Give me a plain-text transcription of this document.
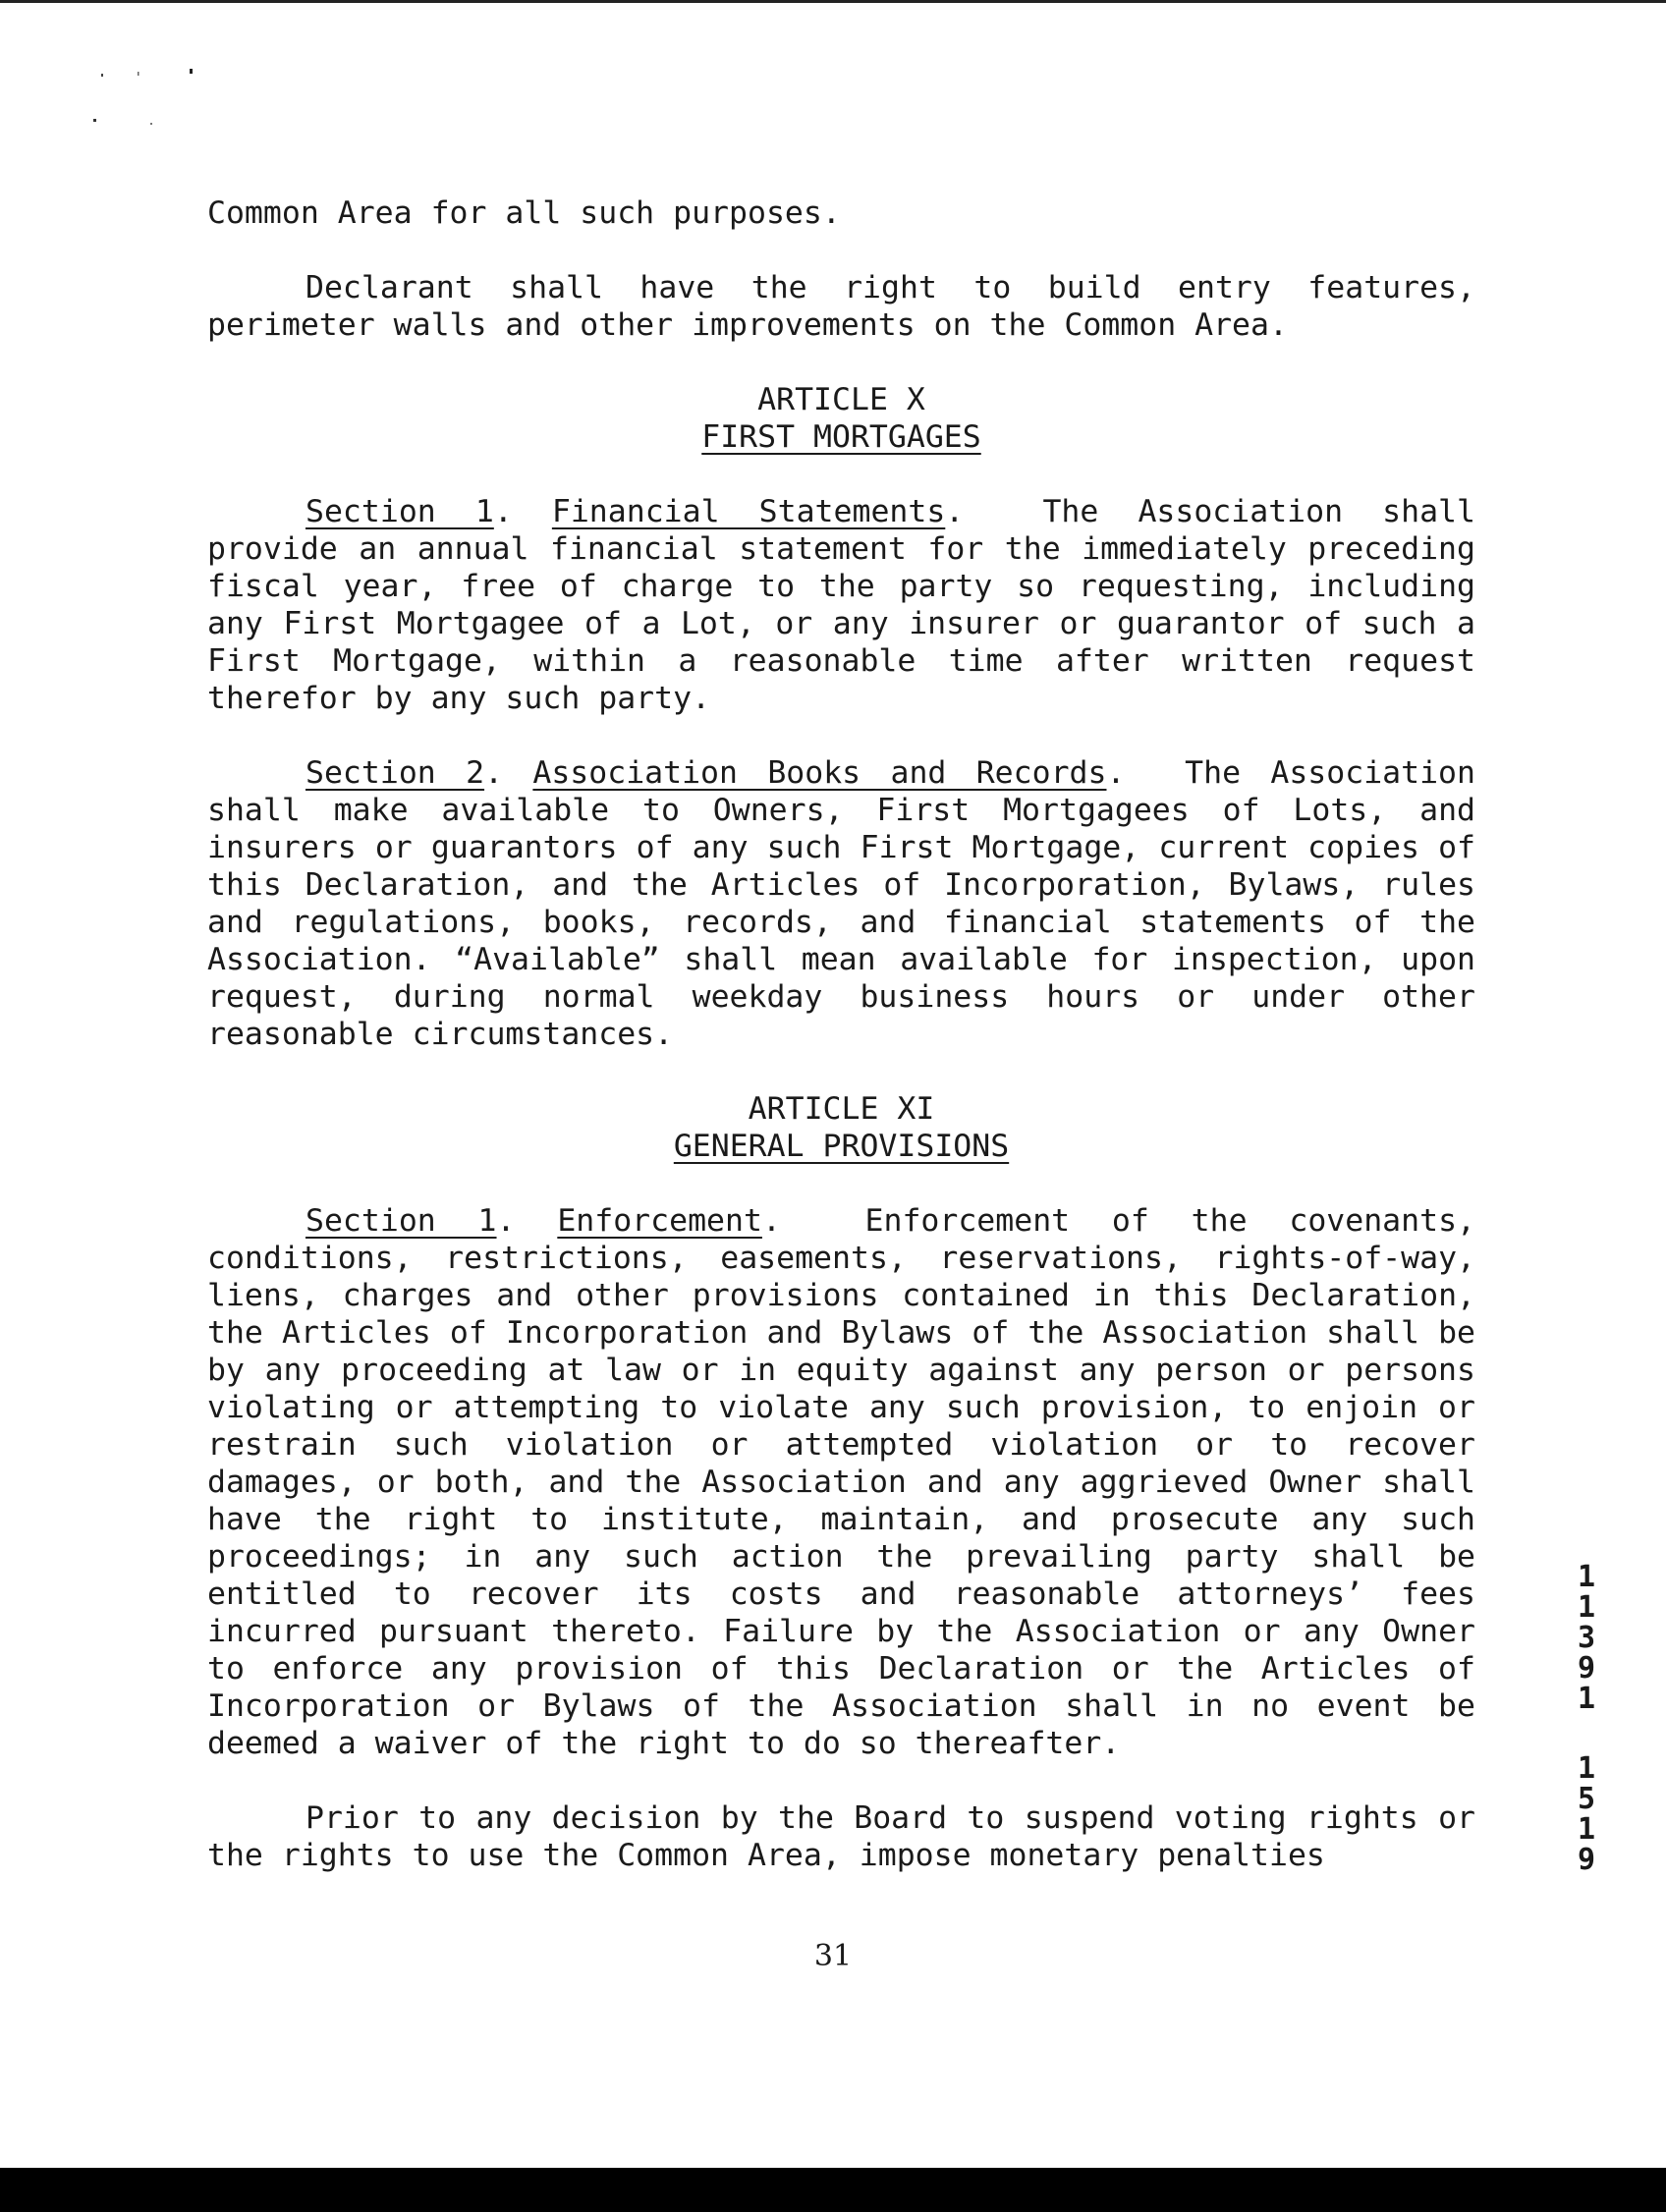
Common Area for all such purposes.

Declarant shall have the right to build entry features, perimeter walls and other improvements on the Common Area.

ARTICLE X
FIRST MORTGAGES

Section 1. Financial Statements.  The Association shall provide an annual financial statement for the immediately preceding fiscal year, free of charge to the party so requesting, including any First Mortgagee of a Lot, or any insurer or guarantor of such a First Mortgage, within a reasonable time after written request therefor by any such party.

Section 2. Association Books and Records.  The Association shall make available to Owners, First Mortgagees of Lots, and insurers or guarantors of any such First Mortgage, current copies of this Declaration, and the Articles of Incorporation, Bylaws, rules and regulations, books, records, and financial statements of the Association. “Available” shall mean available for inspection, upon request, during normal weekday business hours or under other reasonable circumstances.

ARTICLE XI
GENERAL PROVISIONS

Section 1. Enforcement.  Enforcement of the covenants, conditions, restrictions, easements, reservations, rights-of-way, liens, charges and other provisions contained in this Declaration, the Articles of Incorporation and Bylaws of the Association shall be by any proceeding at law or in equity against any person or persons violating or attempting to violate any such provision, to enjoin or restrain such violation or attempted violation or to recover damages, or both, and the Association and any aggrieved Owner shall have the right to institute, maintain, and prosecute any such proceedings; in any such action the prevailing party shall be entitled to recover its costs and reasonable attorneys’ fees incurred pursuant thereto. Failure by the Association or any Owner to enforce any provision of this Declaration or the Articles of Incorporation or Bylaws of the Association shall in no event be deemed a waiver of the right to do so thereafter.

Prior to any decision by the Board to suspend voting rights or the rights to use the Common Area, impose monetary penalties

1
1
3
9
1
1
5
1
9
31
